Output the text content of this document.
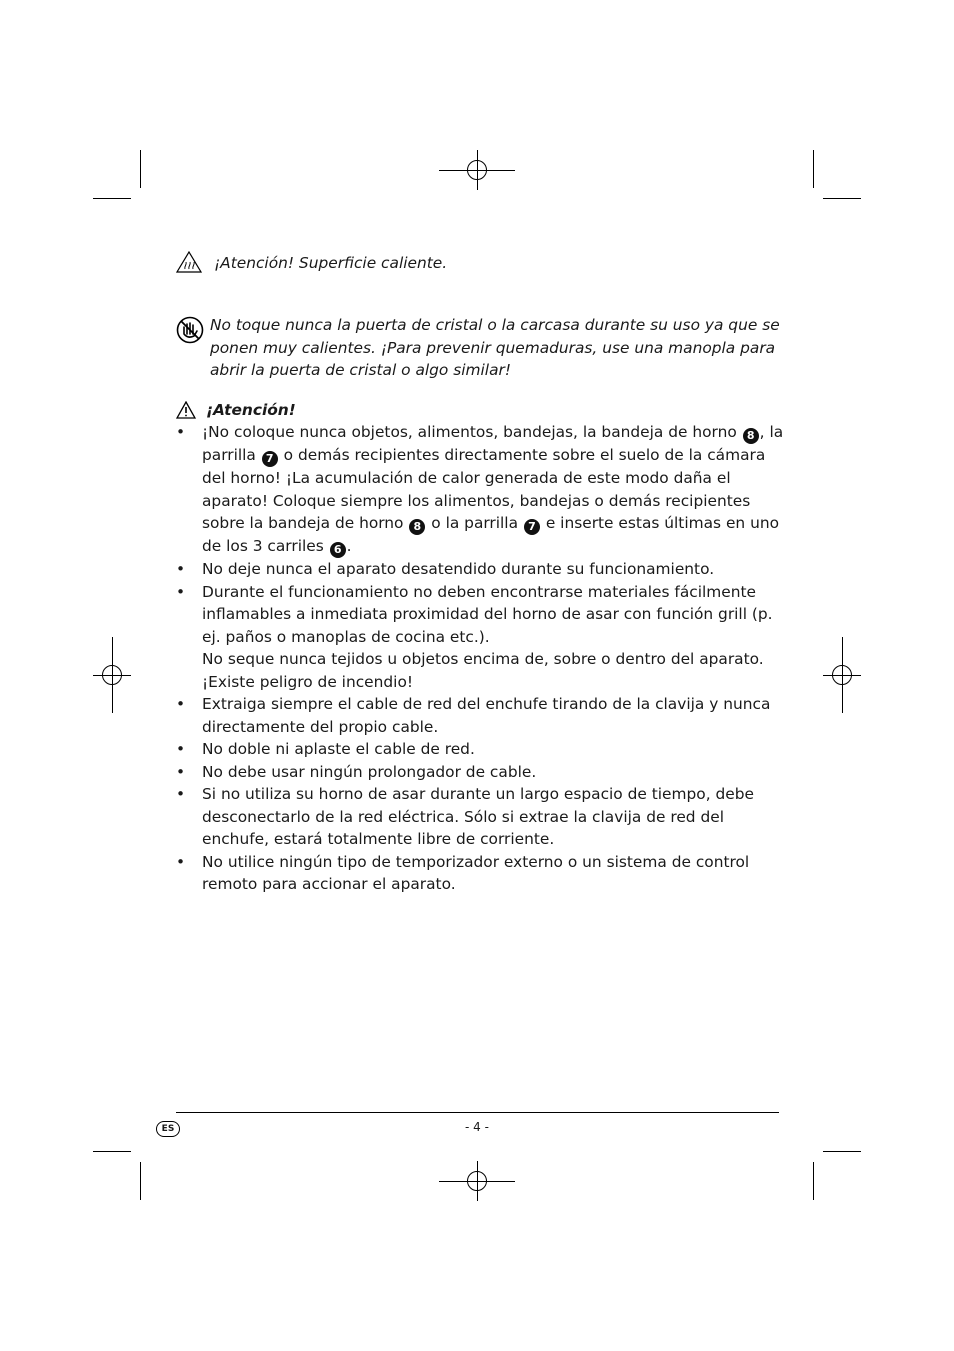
¡Atención! Superficie caliente.
No toque nunca la puerta de cristal o la carcasa durante su uso ya que se ponen muy calientes. ¡Para prevenir quemaduras, use una manopla para abrir la puerta de cristal o algo similar!
¡Atención!
• ¡No coloque nunca objetos, alimentos, bandejas, la bandeja de horno 8 , la parrilla 7 o demás recipientes directamente sobre el suelo de la cámara del horno! ¡La acumulación de calor generada de este modo daña el aparato! Coloque siempre los alimentos, bandejas o demás recipientes sobre la bandeja de horno 8 o la parrilla 7 e inserte estas últimas en uno de los 3 carriles 6 .
• No deje nunca el aparato desatendido durante su funcionamiento.
• Durante el funcionamiento no deben encontrarse materiales fácilmente inflamables a inmediata proximidad del horno de asar con función grill (p. ej. paños o manoplas de cocina etc.).
No seque nunca tejidos u objetos encima de, sobre o dentro del aparato. ¡Existe peligro de incendio!
• Extraiga siempre el cable de red del enchufe tirando de la clavija y nunca directamente del propio cable.
• No doble ni aplaste el cable de red.
• No debe usar ningún prolongador de cable.
• Si no utiliza su horno de asar durante un largo espacio de tiempo, debe desconectarlo de la red eléctrica. Sólo si extrae la clavija de red del enchufe, estará totalmente libre de corriente.
• No utilice ningún tipo de temporizador externo o un sistema de control remoto para accionar el aparato.
ES	- 4 -
